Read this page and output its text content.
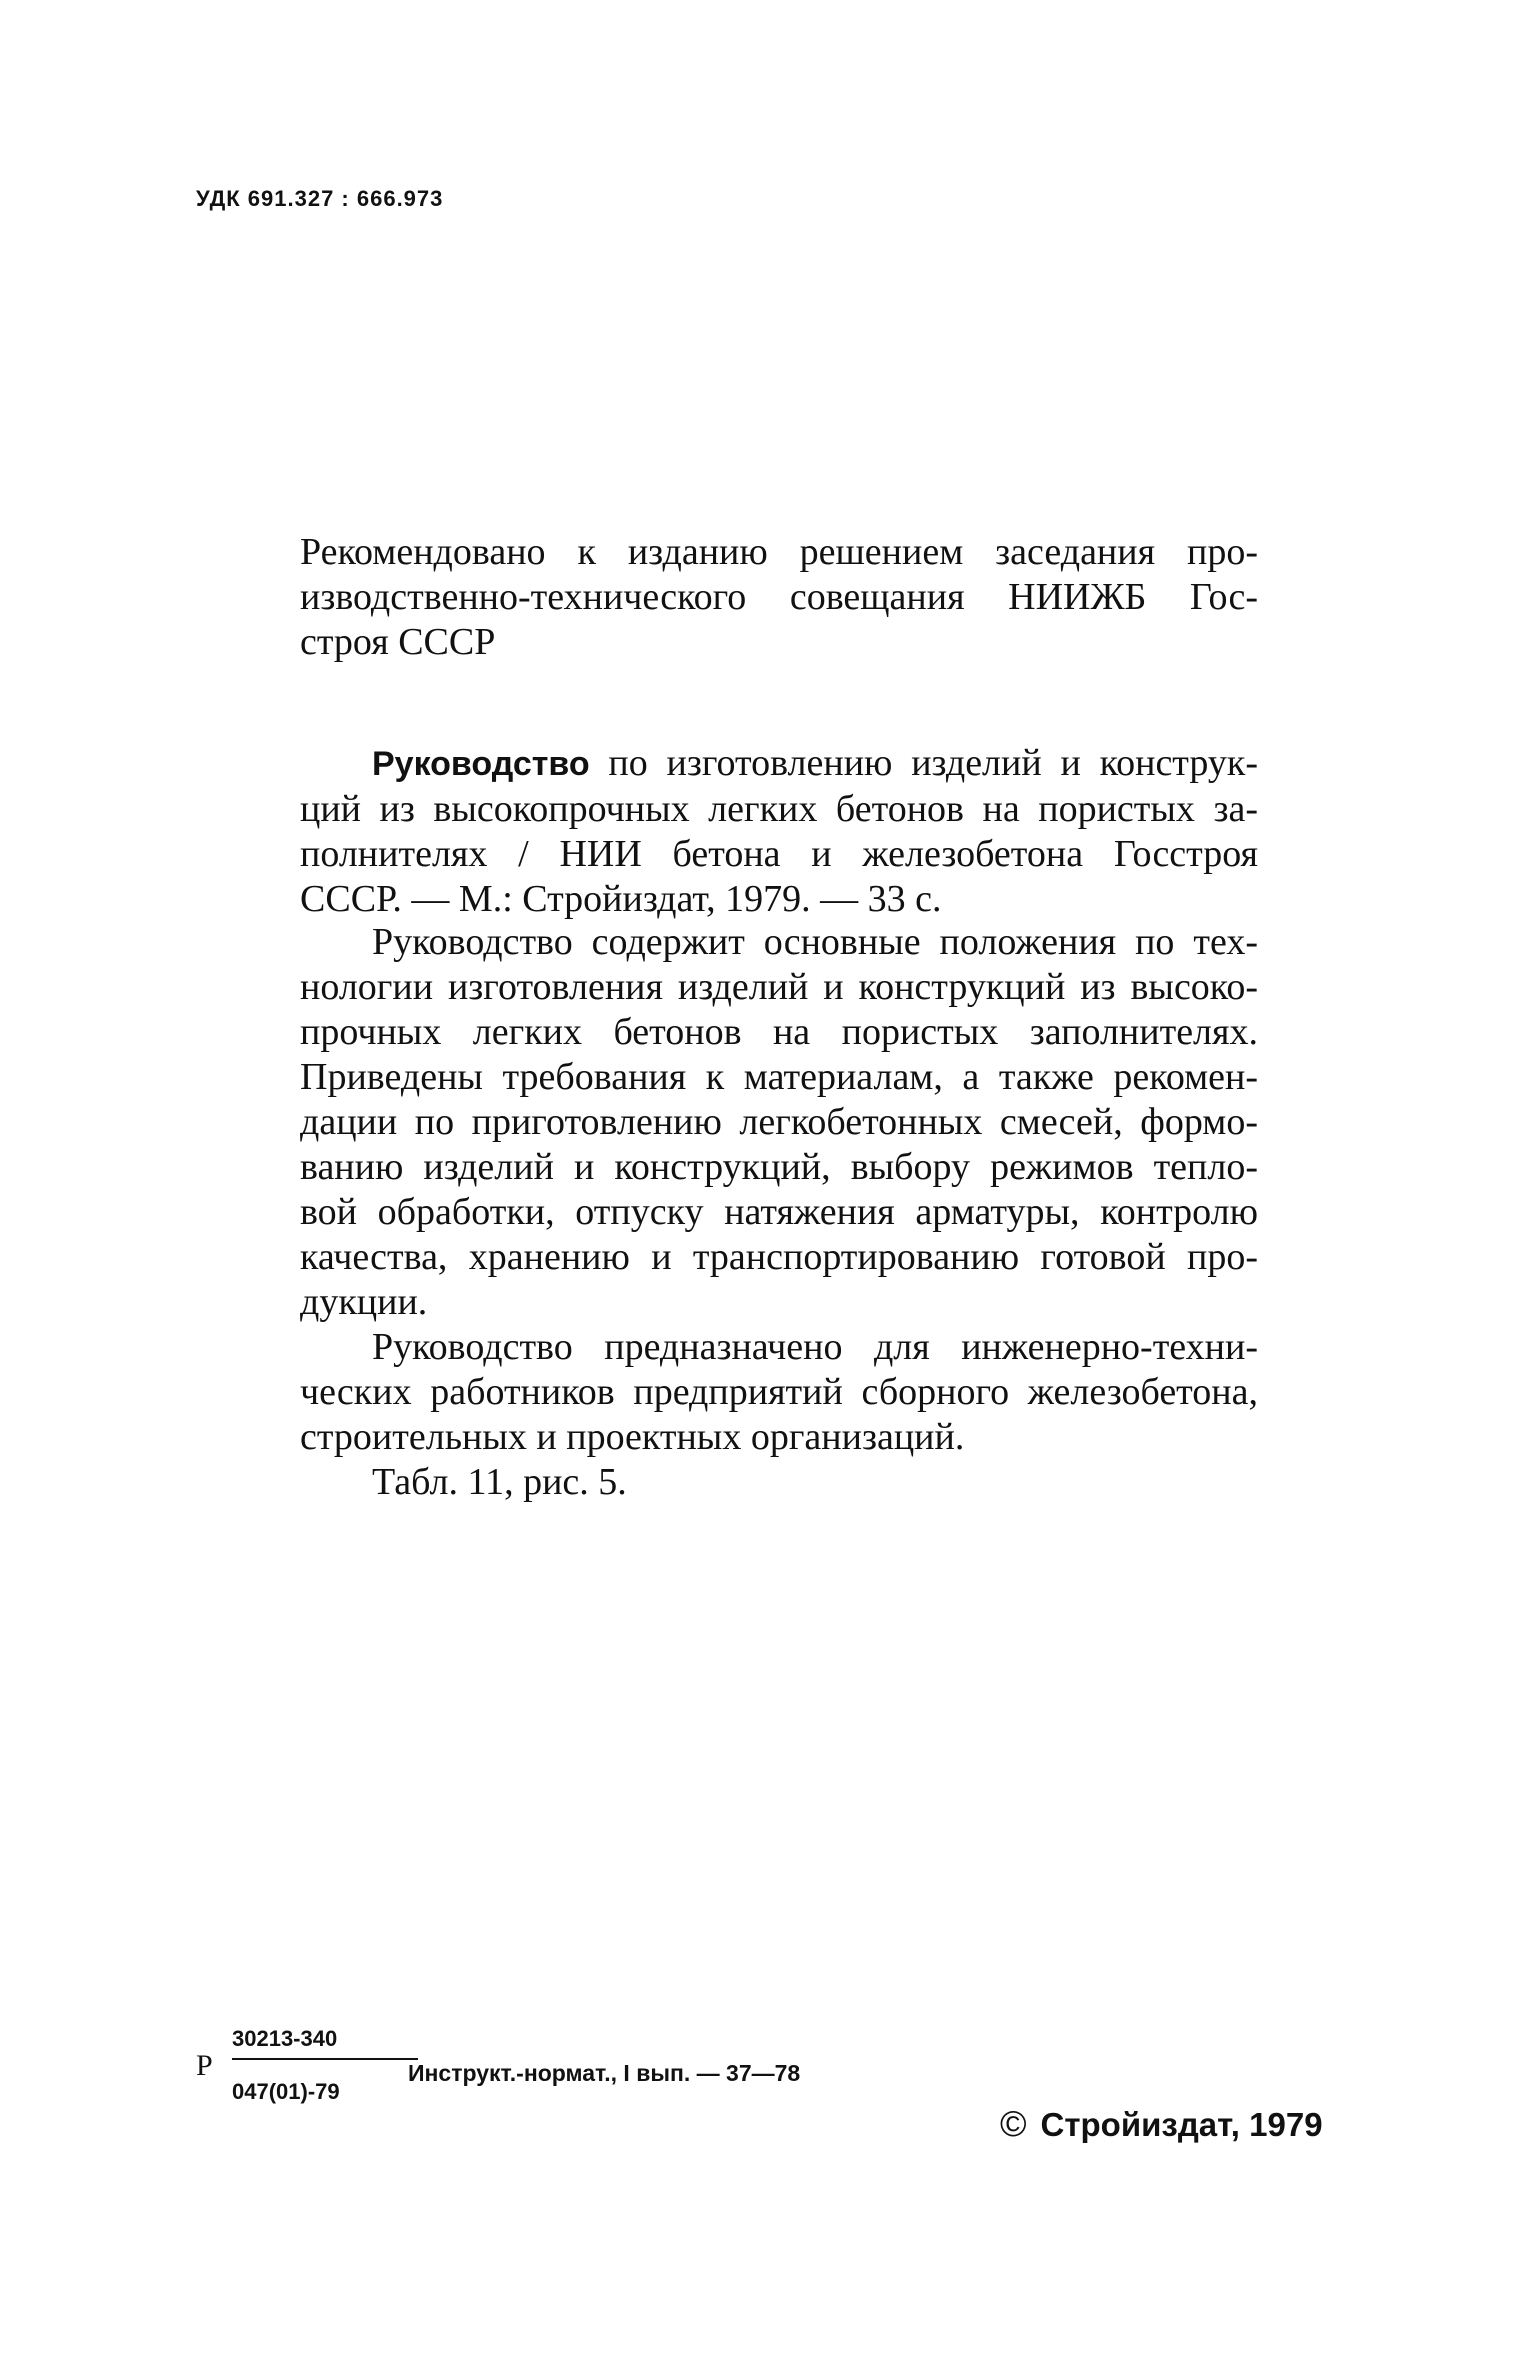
УДК 691.327 : 666.973
Рекомендовано к изданию решением заседания про-
изводственно-технического совещания НИИЖБ Гос-
строя СССР
Руководство по изготовлению изделий и конструк-
ций из высокопрочных легких бетонов на пористых за-
полнителях / НИИ бетона и железобетона Госстроя
СССР. — М.: Стройиздат, 1979. — 33 с.
Руководство содержит основные положения по тех-
нологии изготовления изделий и конструкций из высоко-
прочных легких бетонов на пористых заполнителях.
Приведены требования к материалам, а также рекомен-
дации по приготовлению легкобетонных смесей, формо-
ванию изделий и конструкций, выбору режимов тепло-
вой обработки, отпуску натяжения арматуры, контролю
качества, хранению и транспортированию готовой про-
дукции.
Руководство предназначено для инженерно-техни-
ческих работников предприятий сборного железобетона,
строительных и проектных организаций.
Табл. 11, рис. 5.
Р
30213-340
047(01)-79
Инструкт.-нормат., I вып. — 37—78
© Стройиздат, 1979
